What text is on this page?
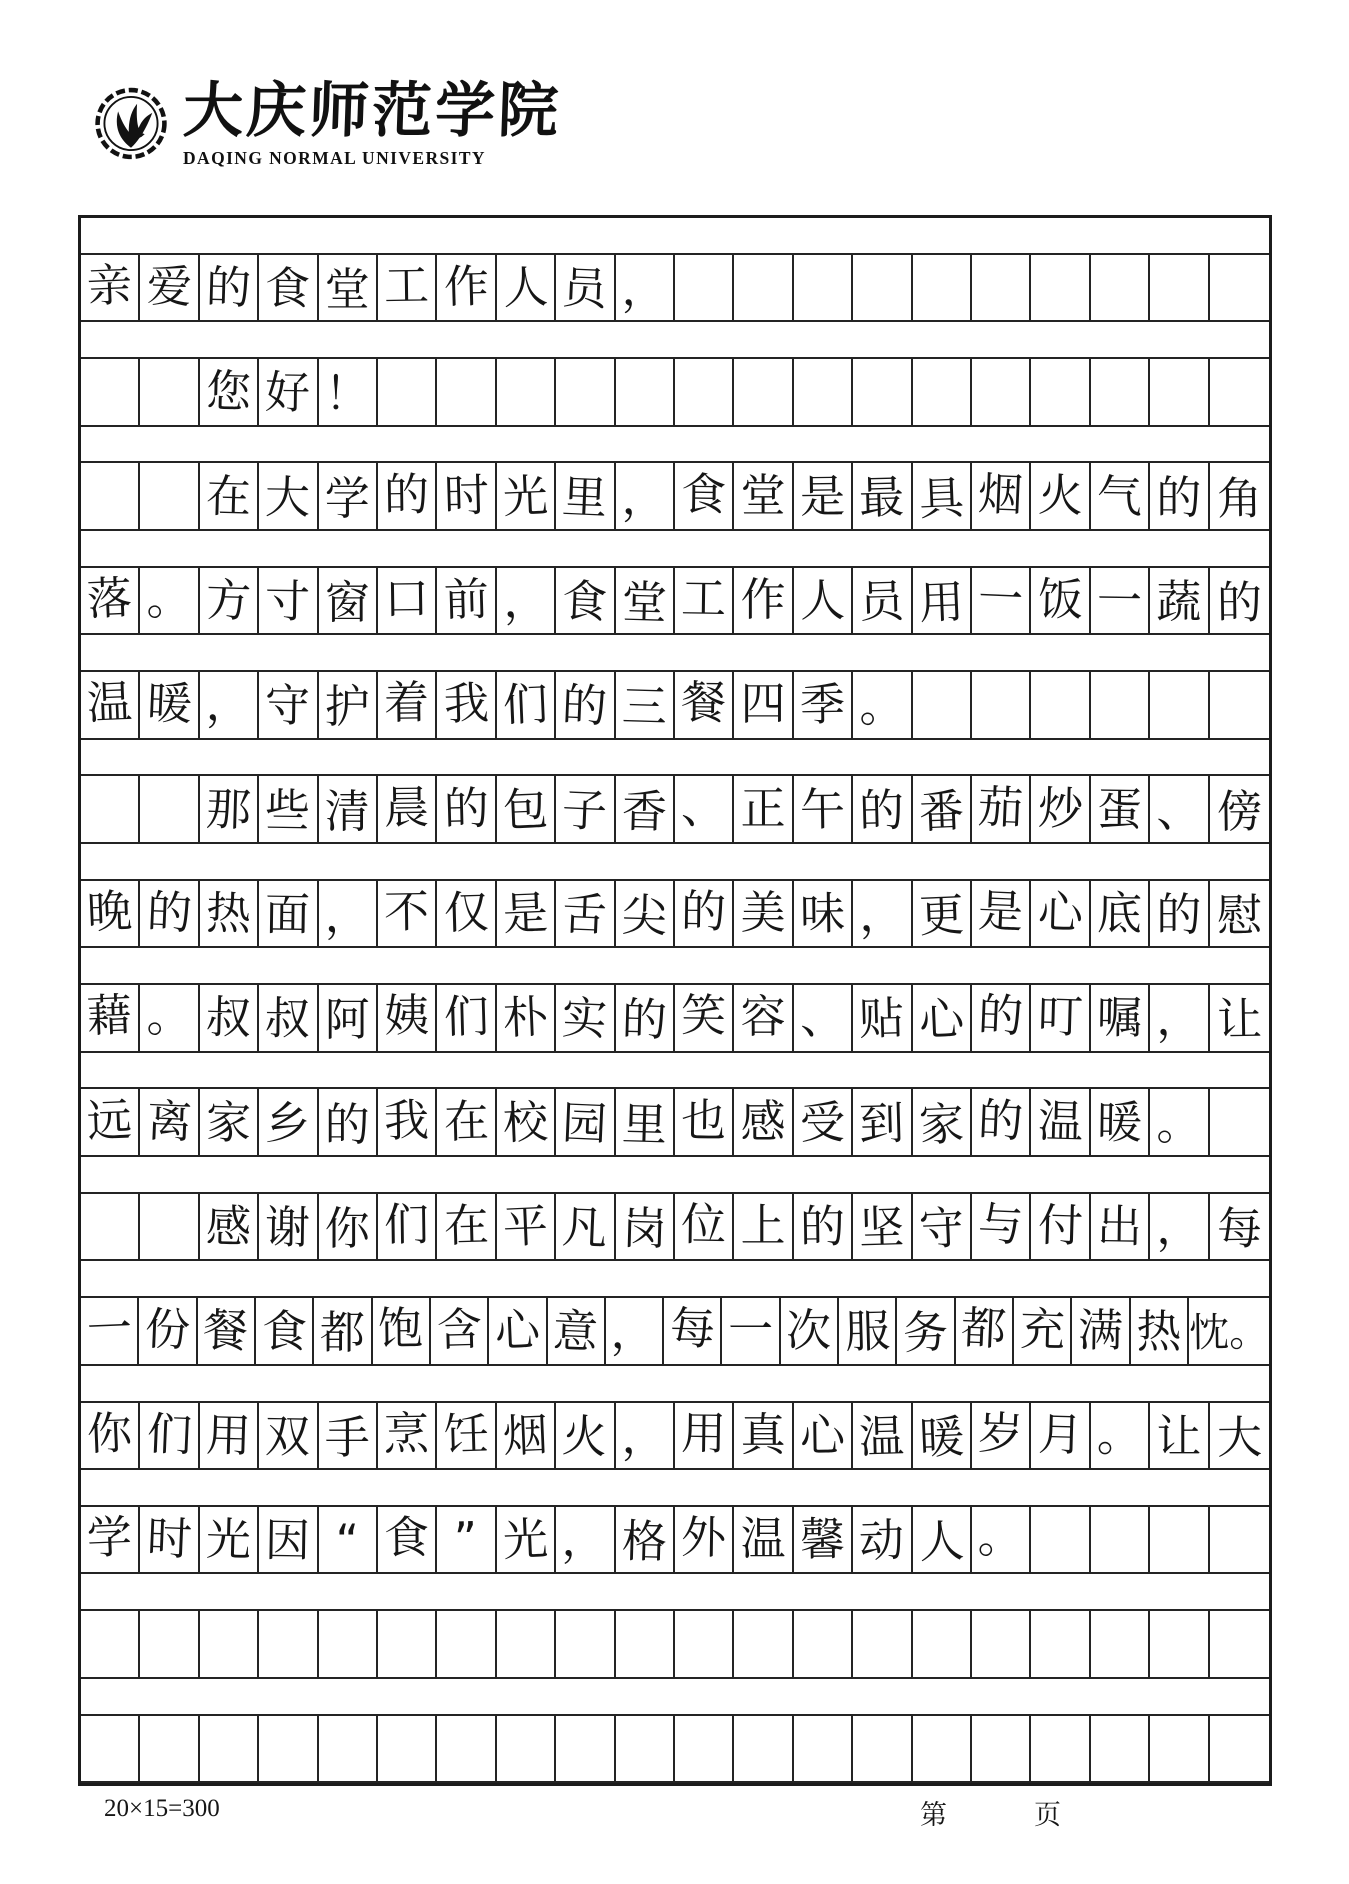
大庆师范学院
DAQING NORMAL UNIVERSITY
亲 爱 的 食 堂 工 作 人 员 ，
您 好 ！
在 大 学 的 时 光 里 ， 食 堂 是 最 具 烟 火 气 的 角
落 。 方 寸 窗 口 前 ， 食 堂 工 作 人 员 用 一 饭 一 蔬 的
温 暖 ， 守 护 着 我 们 的 三 餐 四 季 。
那 些 清 晨 的 包 子 香 、 正 午 的 番 茄 炒 蛋 、 傍
晚 的 热 面 ， 不 仅 是 舌 尖 的 美 味 ， 更 是 心 底 的 慰
藉 。 叔 叔 阿 姨 们 朴 实 的 笑 容 、 贴 心 的 叮 嘱 ， 让
远 离 家 乡 的 我 在 校 园 里 也 感 受 到 家 的 温 暖 。
感 谢 你 们 在 平 凡 岗 位 上 的 坚 守 与 付 出 ， 每
一 份 餐 食 都 饱 含 心 意 ， 每 一 次 服 务 都 充 满 热 忱。
你 们 用 双 手 烹 饪 烟 火 ， 用 真 心 温 暖 岁 月 。 让 大
学 时 光 因 “ 食 ” 光 ， 格 外 温 馨 动 人 。
20×15=300	第	页
